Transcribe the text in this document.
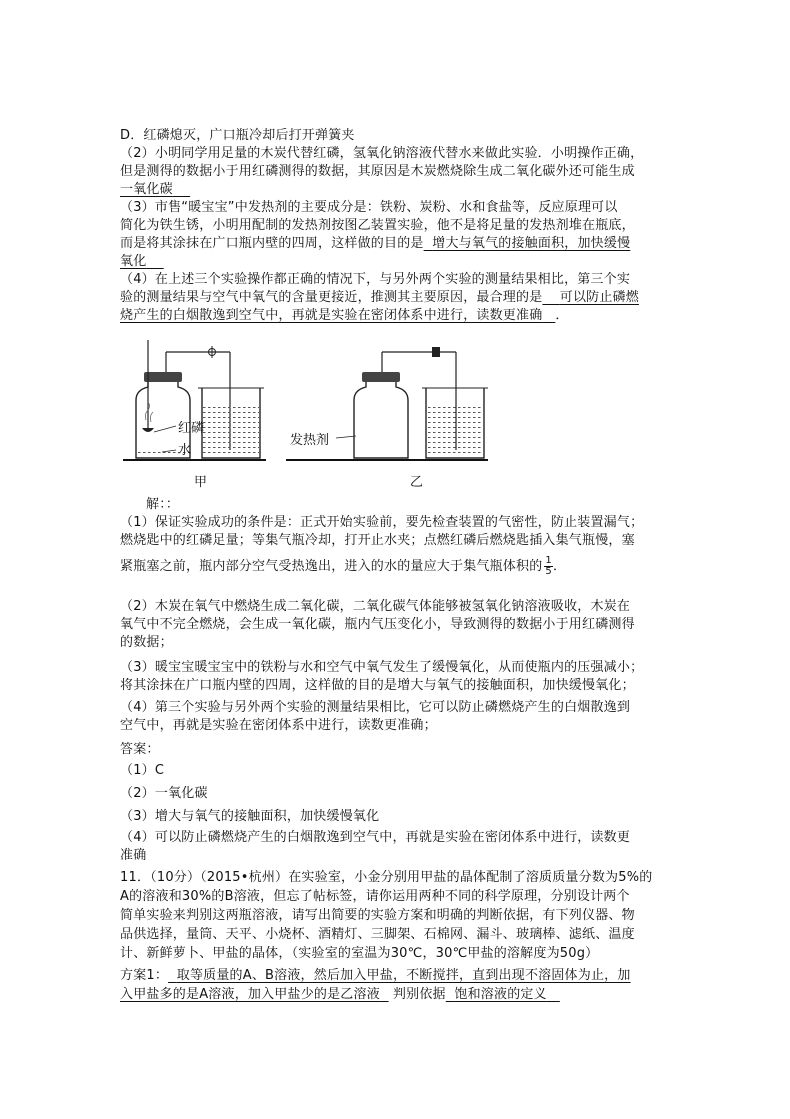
D．红磷熄灭，广口瓶冷却后打开弹簧夹
（2）小明同学用足量的木炭代替红磷，氢氧化钠溶液代替水来做此实验．小明操作正确，
但是测得的数据小于用红磷测得的数据，其原因是木炭燃烧除生成二氧化碳外还可能生成
一氧化碳
（3）市售“暖宝宝”中发热剂的主要成分是：铁粉、炭粉、水和食盐等，反应原理可以
简化为铁生锈，小明用配制的发热剂按图乙装置实验，他不是将足量的发热剂堆在瓶底，
而是将其涂抹在广口瓶内壁的四周，这样做的目的是 增大与氧气的接触面积，加快缓慢
氧化
（4）在上述三个实验操作都正确的情况下，与另外两个实验的测量结果相比，第三个实
验的测量结果与空气中氧气的含量更接近，推测其主要原因，最合理的是 可以防止磷燃
烧产生的白烟散逸到空气中，再就是实验在密闭体系中进行，读数更准确 ．
红磷
水
甲
发热剂
乙
解：：
（1）保证实验成功的条件是：正式开始实验前，要先检查装置的气密性，防止装置漏气；
燃烧匙中的红磷足量；等集气瓶冷却，打开止水夹；点燃红磷后燃烧匙插入集气瓶慢，塞
紧瓶塞之前，瓶内部分空气受热逸出，进入的水的量应大于集气瓶体积的 $\frac{1}{5}$ ．
（2）木炭在氧气中燃烧生成二氧化碳，二氧化碳气体能够被氢氧化钠溶液吸收，木炭在
氧气中不完全燃烧，会生成一氧化碳，瓶内气压变化小，导致测得的数据小于用红磷测得
的数据；
（3）暖宝宝暖宝宝中的铁粉与水和空气中氧气发生了缓慢氧化，从而使瓶内的压强减小；
将其涂抹在广口瓶内壁的四周，这样做的目的是增大与氧气的接触面积，加快缓慢氧化；
（4）第三个实验与另外两个实验的测量结果相比，它可以防止磷燃烧产生的白烟散逸到
空气中，再就是实验在密闭体系中进行，读数更准确；
答案：
（1）C
（2）一氧化碳
（3）增大与氧气的接触面积，加快缓慢氧化
（4）可以防止磷燃烧产生的白烟散逸到空气中，再就是实验在密闭体系中进行，读数更
准确
11．（10分）（2015•杭州）在实验室，小金分别用甲盐的晶体配制了溶质质量分数为5%的
A的溶液和30%的B溶液，但忘了帖标签，请你运用两种不同的科学原理，分别设计两个
简单实验来判别这两瓶溶液，请写出简要的实验方案和明确的判断依据，有下列仪器、物
品供选择，量筒、天平、小烧杯、酒精灯、三脚架、石棉网、漏斗、玻璃棒、滤纸、温度
计、新鲜萝卜、甲盐的晶体，（实验室的室温为30℃，30℃甲盐的溶解度为50g）
方案1： 取等质量的A、B溶液，然后加入甲盐，不断搅拌，直到出现不溶固体为止，加
入甲盐多的是A溶液，加入甲盐少的是乙溶液 判别依据 饱和溶液的定义
